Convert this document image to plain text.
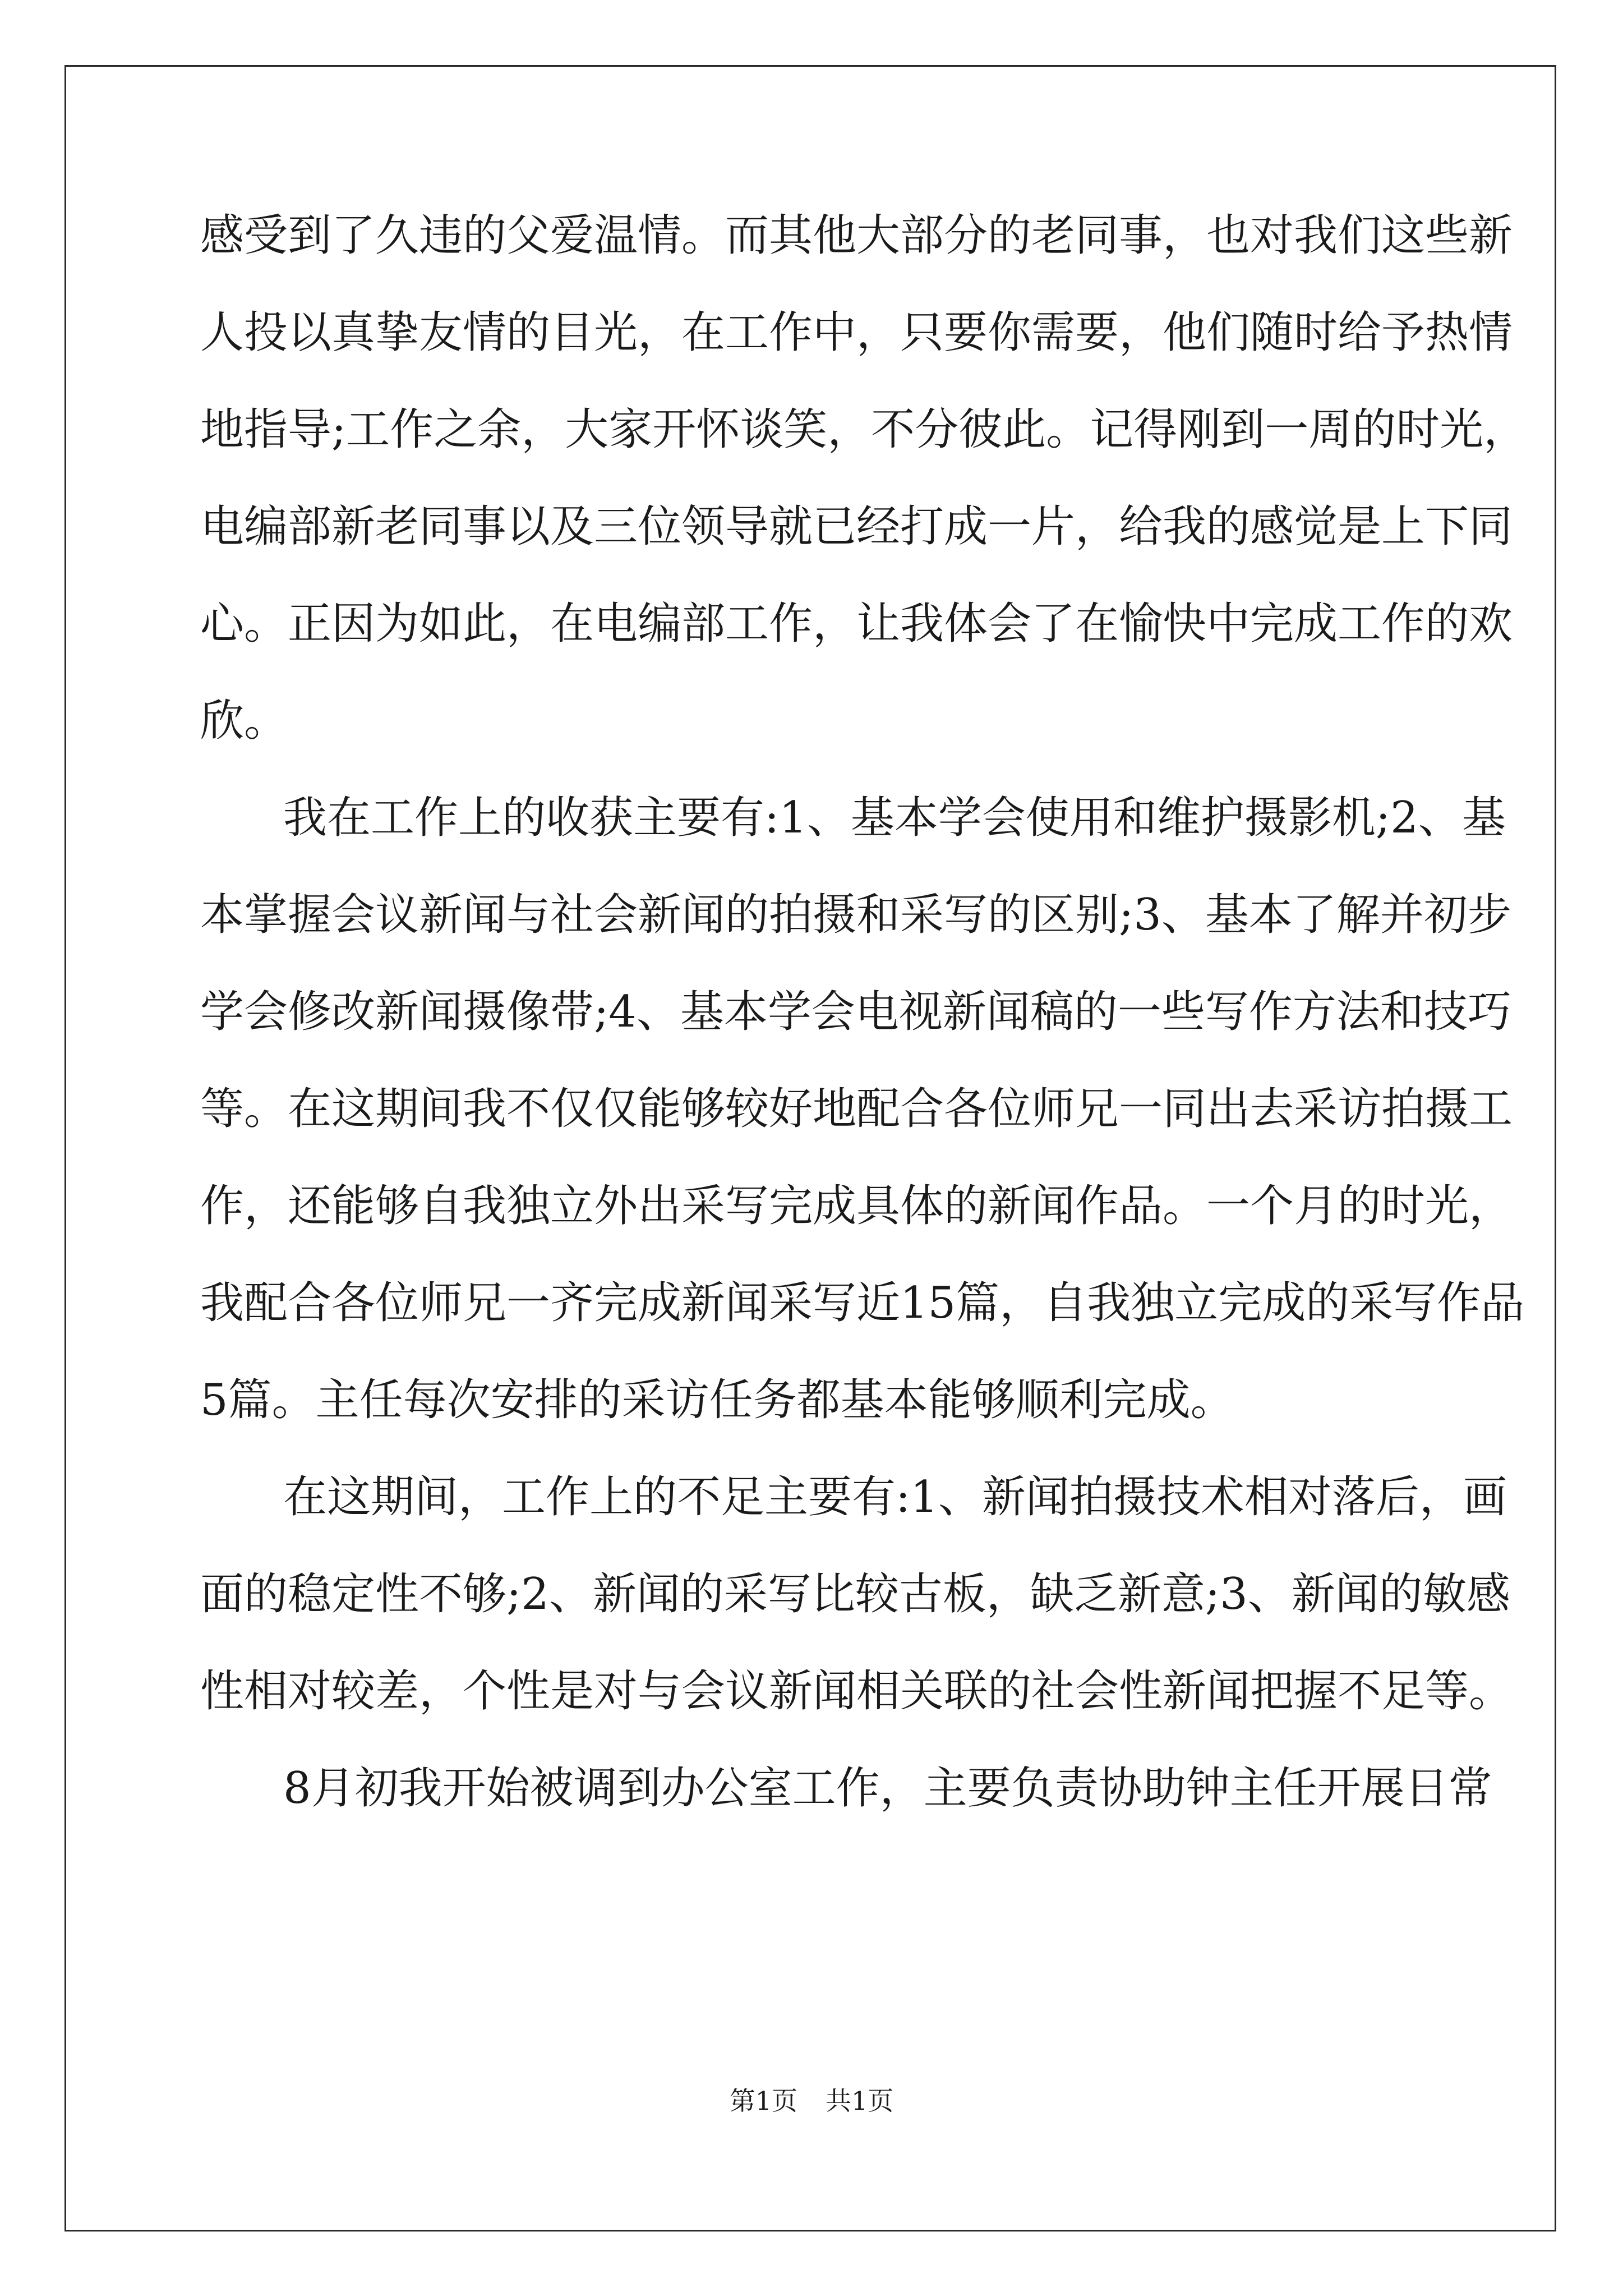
感受到了久违的父爱温情。而其他大部分的老同事，也对我们这些新
人投以真挚友情的目光，在工作中，只要你需要，他们随时给予热情
地指导;工作之余，大家开怀谈笑，不分彼此。记得刚到一周的时光，
电编部新老同事以及三位领导就已经打成一片，给我的感觉是上下同
心。正因为如此，在电编部工作，让我体会了在愉快中完成工作的欢
欣。
我在工作上的收获主要有:1、基本学会使用和维护摄影机;2、基
本掌握会议新闻与社会新闻的拍摄和采写的区别;3、基本了解并初步
学会修改新闻摄像带;4、基本学会电视新闻稿的一些写作方法和技巧
等。在这期间我不仅仅能够较好地配合各位师兄一同出去采访拍摄工
作，还能够自我独立外出采写完成具体的新闻作品。一个月的时光，
我配合各位师兄一齐完成新闻采写近15篇，自我独立完成的采写作品
5篇。主任每次安排的采访任务都基本能够顺利完成。
在这期间，工作上的不足主要有:1、新闻拍摄技术相对落后，画
面的稳定性不够;2、新闻的采写比较古板，缺乏新意;3、新闻的敏感
性相对较差，个性是对与会议新闻相关联的社会性新闻把握不足等。
8月初我开始被调到办公室工作，主要负责协助钟主任开展日常
第1页 共1页
